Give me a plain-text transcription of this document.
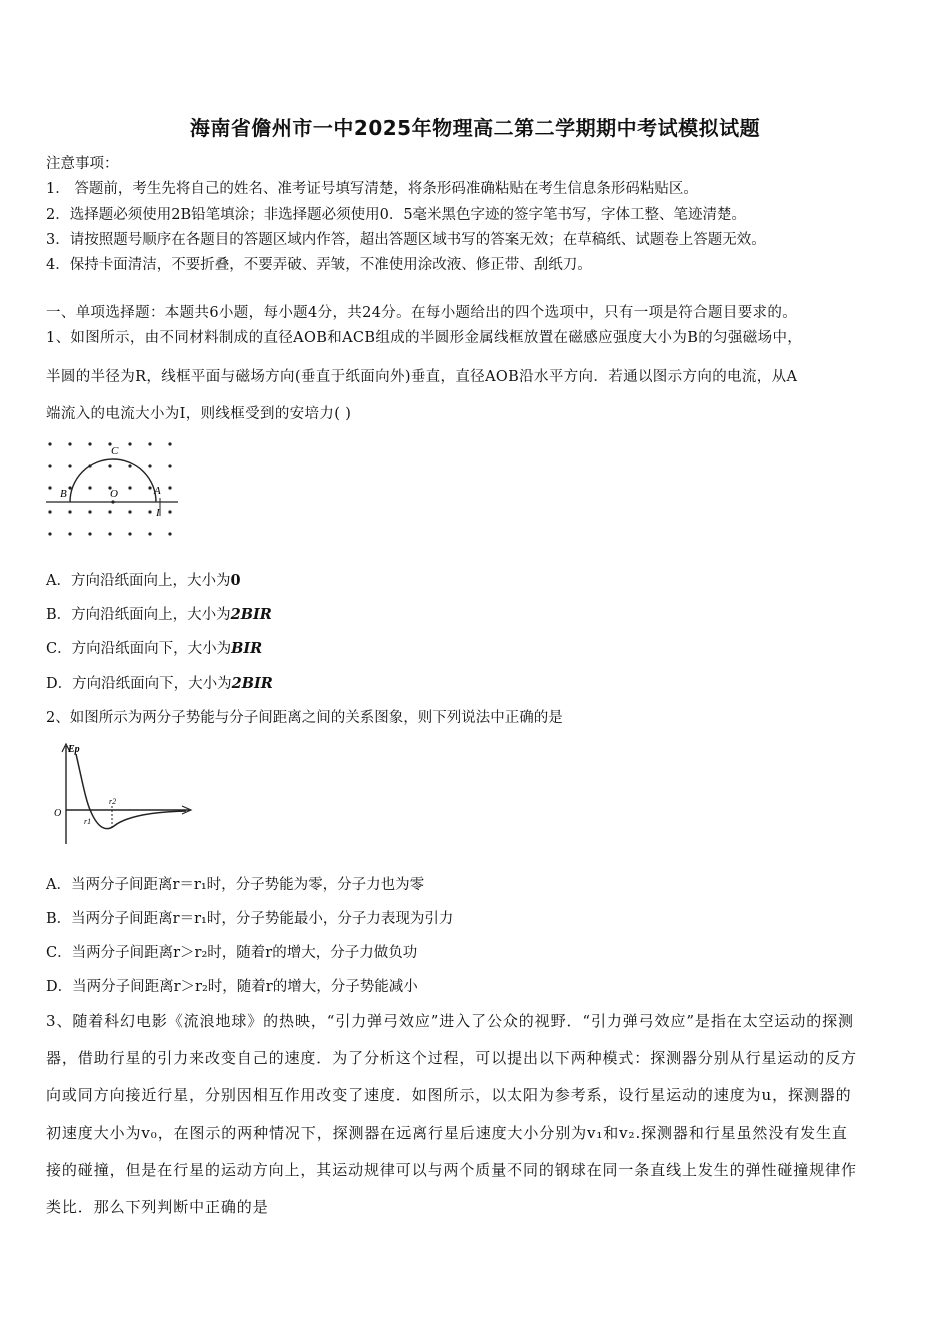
海南省儋州市一中2025年物理高二第二学期期中考试模拟试题
注意事项：
1． 答题前，考生先将自己的姓名、准考证号填写清楚，将条形码准确粘贴在考生信息条形码粘贴区。
2．选择题必须使用2B铅笔填涂；非选择题必须使用0．5毫米黑色字迹的签字笔书写，字体工整、笔迹清楚。
3．请按照题号顺序在各题目的答题区域内作答，超出答题区域书写的答案无效；在草稿纸、试题卷上答题无效。
4．保持卡面清洁，不要折叠，不要弄破、弄皱，不准使用涂改液、修正带、刮纸刀。
一、单项选择题：本题共6小题，每小题4分，共24分。在每小题给出的四个选项中，只有一项是符合题目要求的。
1、如图所示，由不同材料制成的直径AOB和ACB组成的半圆形金属线框放置在磁感应强度大小为B的匀强磁场中，
半圆的半径为R，线框平面与磁场方向(垂直于纸面向外)垂直，直径AOB沿水平方向．若通以图示方向的电流，从A
端流入的电流大小为I，则线框受到的安培力( )
C
B	O	A
I
A．方向沿纸面向上，大小为0
B．方向沿纸面向上，大小为2BIR
C．方向沿纸面向下，大小为BIR
D．方向沿纸面向下，大小为2BIR
2、如图所示为两分子势能与分子间距离之间的关系图象，则下列说法中正确的是
Ep
O
r1
r2
A．当两分子间距离r＝r₁时，分子势能为零，分子力也为零
B．当两分子间距离r＝r₁时，分子势能最小，分子力表现为引力
C．当两分子间距离r＞r₂时，随着r的增大，分子力做负功
D．当两分子间距离r＞r₂时，随着r的增大，分子势能减小
3、随着科幻电影《流浪地球》的热映，“引力弹弓效应”进入了公众的视野．“引力弹弓效应”是指在太空运动的探测
器，借助行星的引力来改变自己的速度．为了分析这个过程，可以提出以下两种模式：探测器分别从行星运动的反方
向或同方向接近行星，分别因相互作用改变了速度．如图所示，以太阳为参考系，设行星运动的速度为u，探测器的
初速度大小为v₀，在图示的两种情况下，探测器在远离行星后速度大小分别为v₁和v₂.探测器和行星虽然没有发生直
接的碰撞，但是在行星的运动方向上，其运动规律可以与两个质量不同的钢球在同一条直线上发生的弹性碰撞规律作
类比．那么下列判断中正确的是
